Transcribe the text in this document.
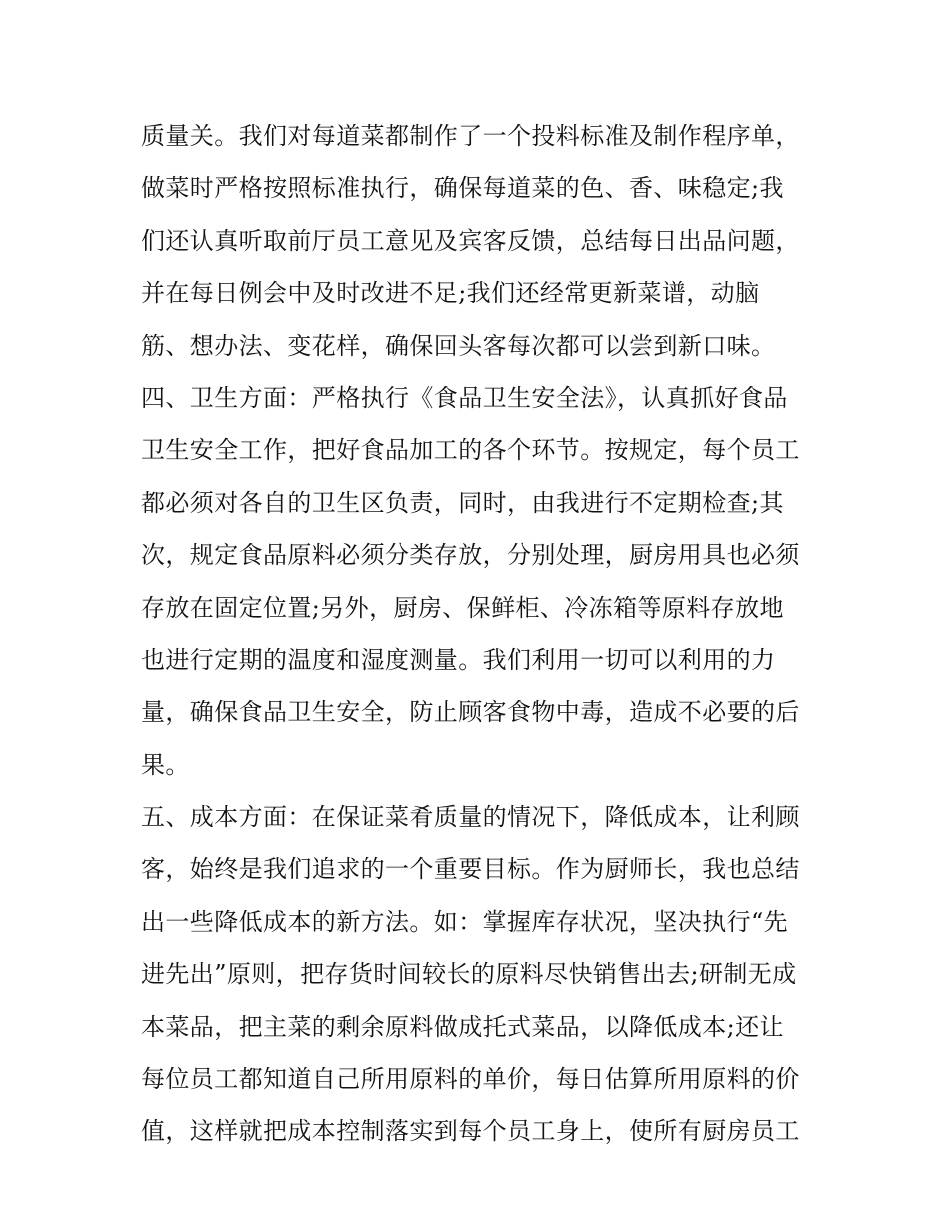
质量关。我们对每道菜都制作了一个投料标准及制作程序单，
做菜时严格按照标准执行，确保每道菜的色、香、味稳定;我
们还认真听取前厅员工意见及宾客反馈，总结每日出品问题，
并在每日例会中及时改进不足;我们还经常更新菜谱，动脑
筋、想办法、变花样，确保回头客每次都可以尝到新口味。
四、卫生方面：严格执行《食品卫生安全法》，认真抓好食品
卫生安全工作，把好食品加工的各个环节。按规定，每个员工
都必须对各自的卫生区负责，同时，由我进行不定期检查;其
次，规定食品原料必须分类存放，分别处理，厨房用具也必须
存放在固定位置;另外，厨房、保鲜柜、冷冻箱等原料存放地
也进行定期的温度和湿度测量。我们利用一切可以利用的力
量，确保食品卫生安全，防止顾客食物中毒，造成不必要的后
果。
五、成本方面：在保证菜肴质量的情况下，降低成本，让利顾
客，始终是我们追求的一个重要目标。作为厨师长，我也总结
出一些降低成本的新方法。如：掌握库存状况，坚决执行“先
进先出”原则，把存货时间较长的原料尽快销售出去;研制无成
本菜品，把主菜的剩余原料做成托式菜品，以降低成本;还让
每位员工都知道自己所用原料的单价，每日估算所用原料的价
值，这样就把成本控制落实到每个员工身上，使所有厨房员工
